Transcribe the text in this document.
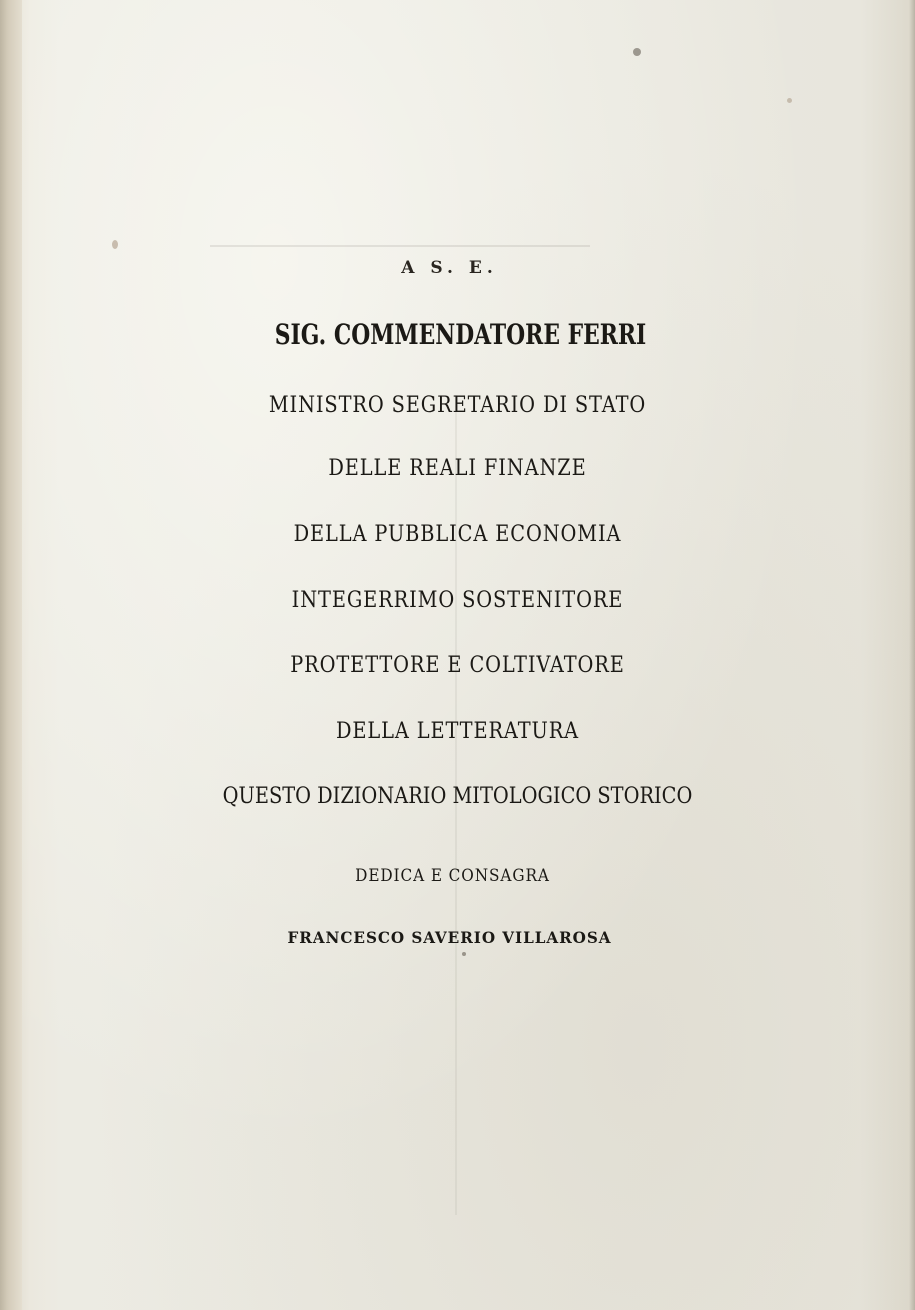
A S. E.
SIG. COMMENDATORE FERRI

MINISTRO SEGRETARIO DI STATO

DELLE REALI FINANZE

DELLA PUBBLICA ECONOMIA

INTEGERRIMO SOSTENITORE

PROTETTORE E COLTIVATORE

DELLA LETTERATURA

QUESTO DIZIONARIO MITOLOGICO STORICO

DEDICA E CONSAGRA

FRANCESCO SAVERIO VILLAROSA
